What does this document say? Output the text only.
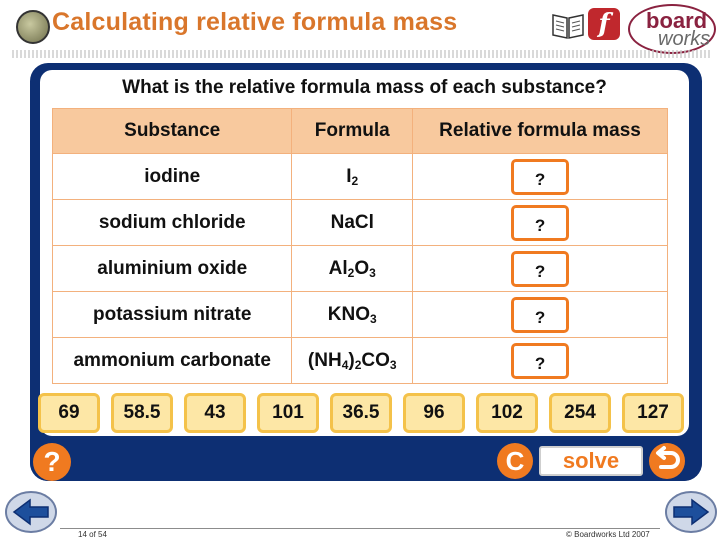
Calculating relative formula mass	f	board
works
What is the relative formula mass of each substance?
Substance	Formula	Relative formula mass
iodine	$I_2$	?
sodium chloride	NaCl	?
aluminium oxide	$Al_2O_3$	?
potassium nitrate	$KNO_3$	?
ammonium carbonate	$(NH_4)_2CO_3$	?
69	58.5	43	101	36.5	96	102	254	127
?	C	solve
14 of 54	© Boardworks Ltd 2007
